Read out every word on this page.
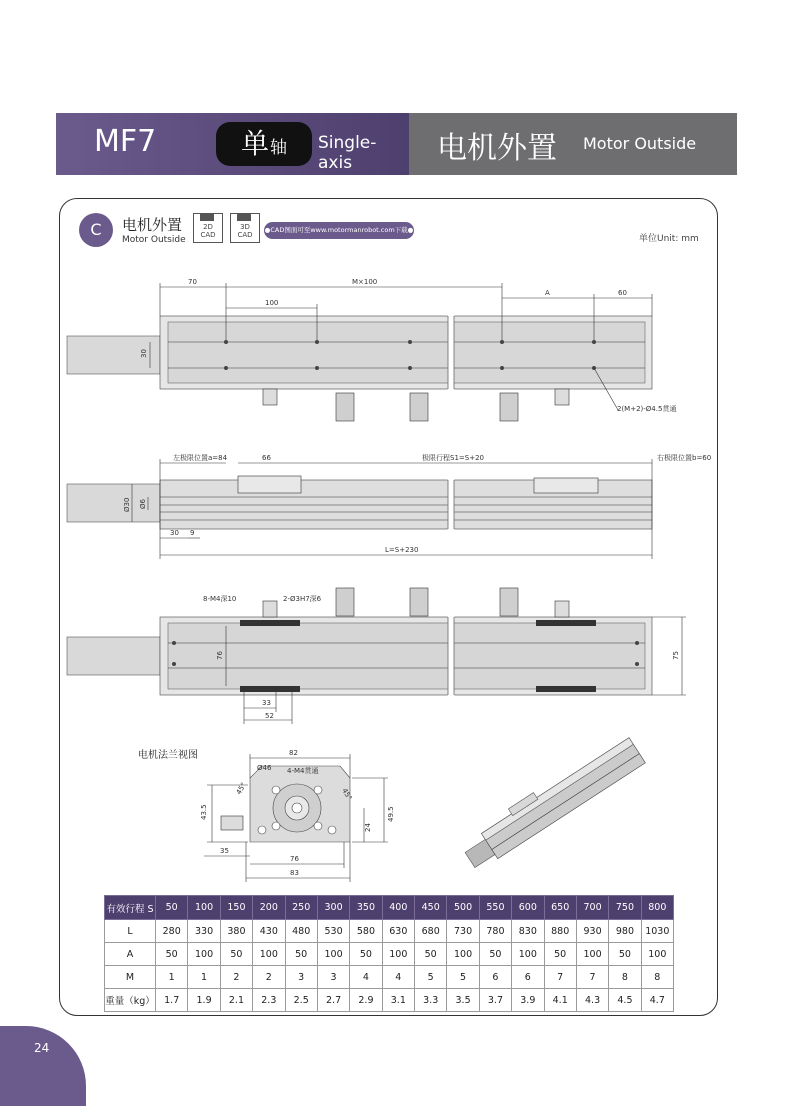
MF7	单 轴 Single-axis	电机外置 Motor Outside
C	电机外置
Motor Outside
2D
CAD
3D
CAD
●CAD图面可至www.motormanrobot.com下载●
单位Unit: mm
70	M×100
100
A	60
30
2(M+2)-Ø4.5贯通
左极限位置a=84	66	极限行程S1=S+20	右极限位置b=60
Ø30 Ø6
30 9
L=S+230
8-M4深10	2-Ø3H7深6
76	75
33
52
82
Ø46 4-M4贯通
43.5	49.5
24
35
76
83
45°	45°
电机法兰视图
有效行程 S	50	100	150	200	250	300	350	400	450	500	550	600	650	700	750	800
L	280	330	380	430	480	530	580	630	680	730	780	830	880	930	980	1030
A	50	100	50	100	50	100	50	100	50	100	50	100	50	100	50	100
M	1	1	2	2	3	3	4	4	5	5	6	6	7	7	8	8
重量（kg）	1.7	1.9	2.1	2.3	2.5	2.7	2.9	3.1	3.3	3.5	3.7	3.9	4.1	4.3	4.5	4.7
24
